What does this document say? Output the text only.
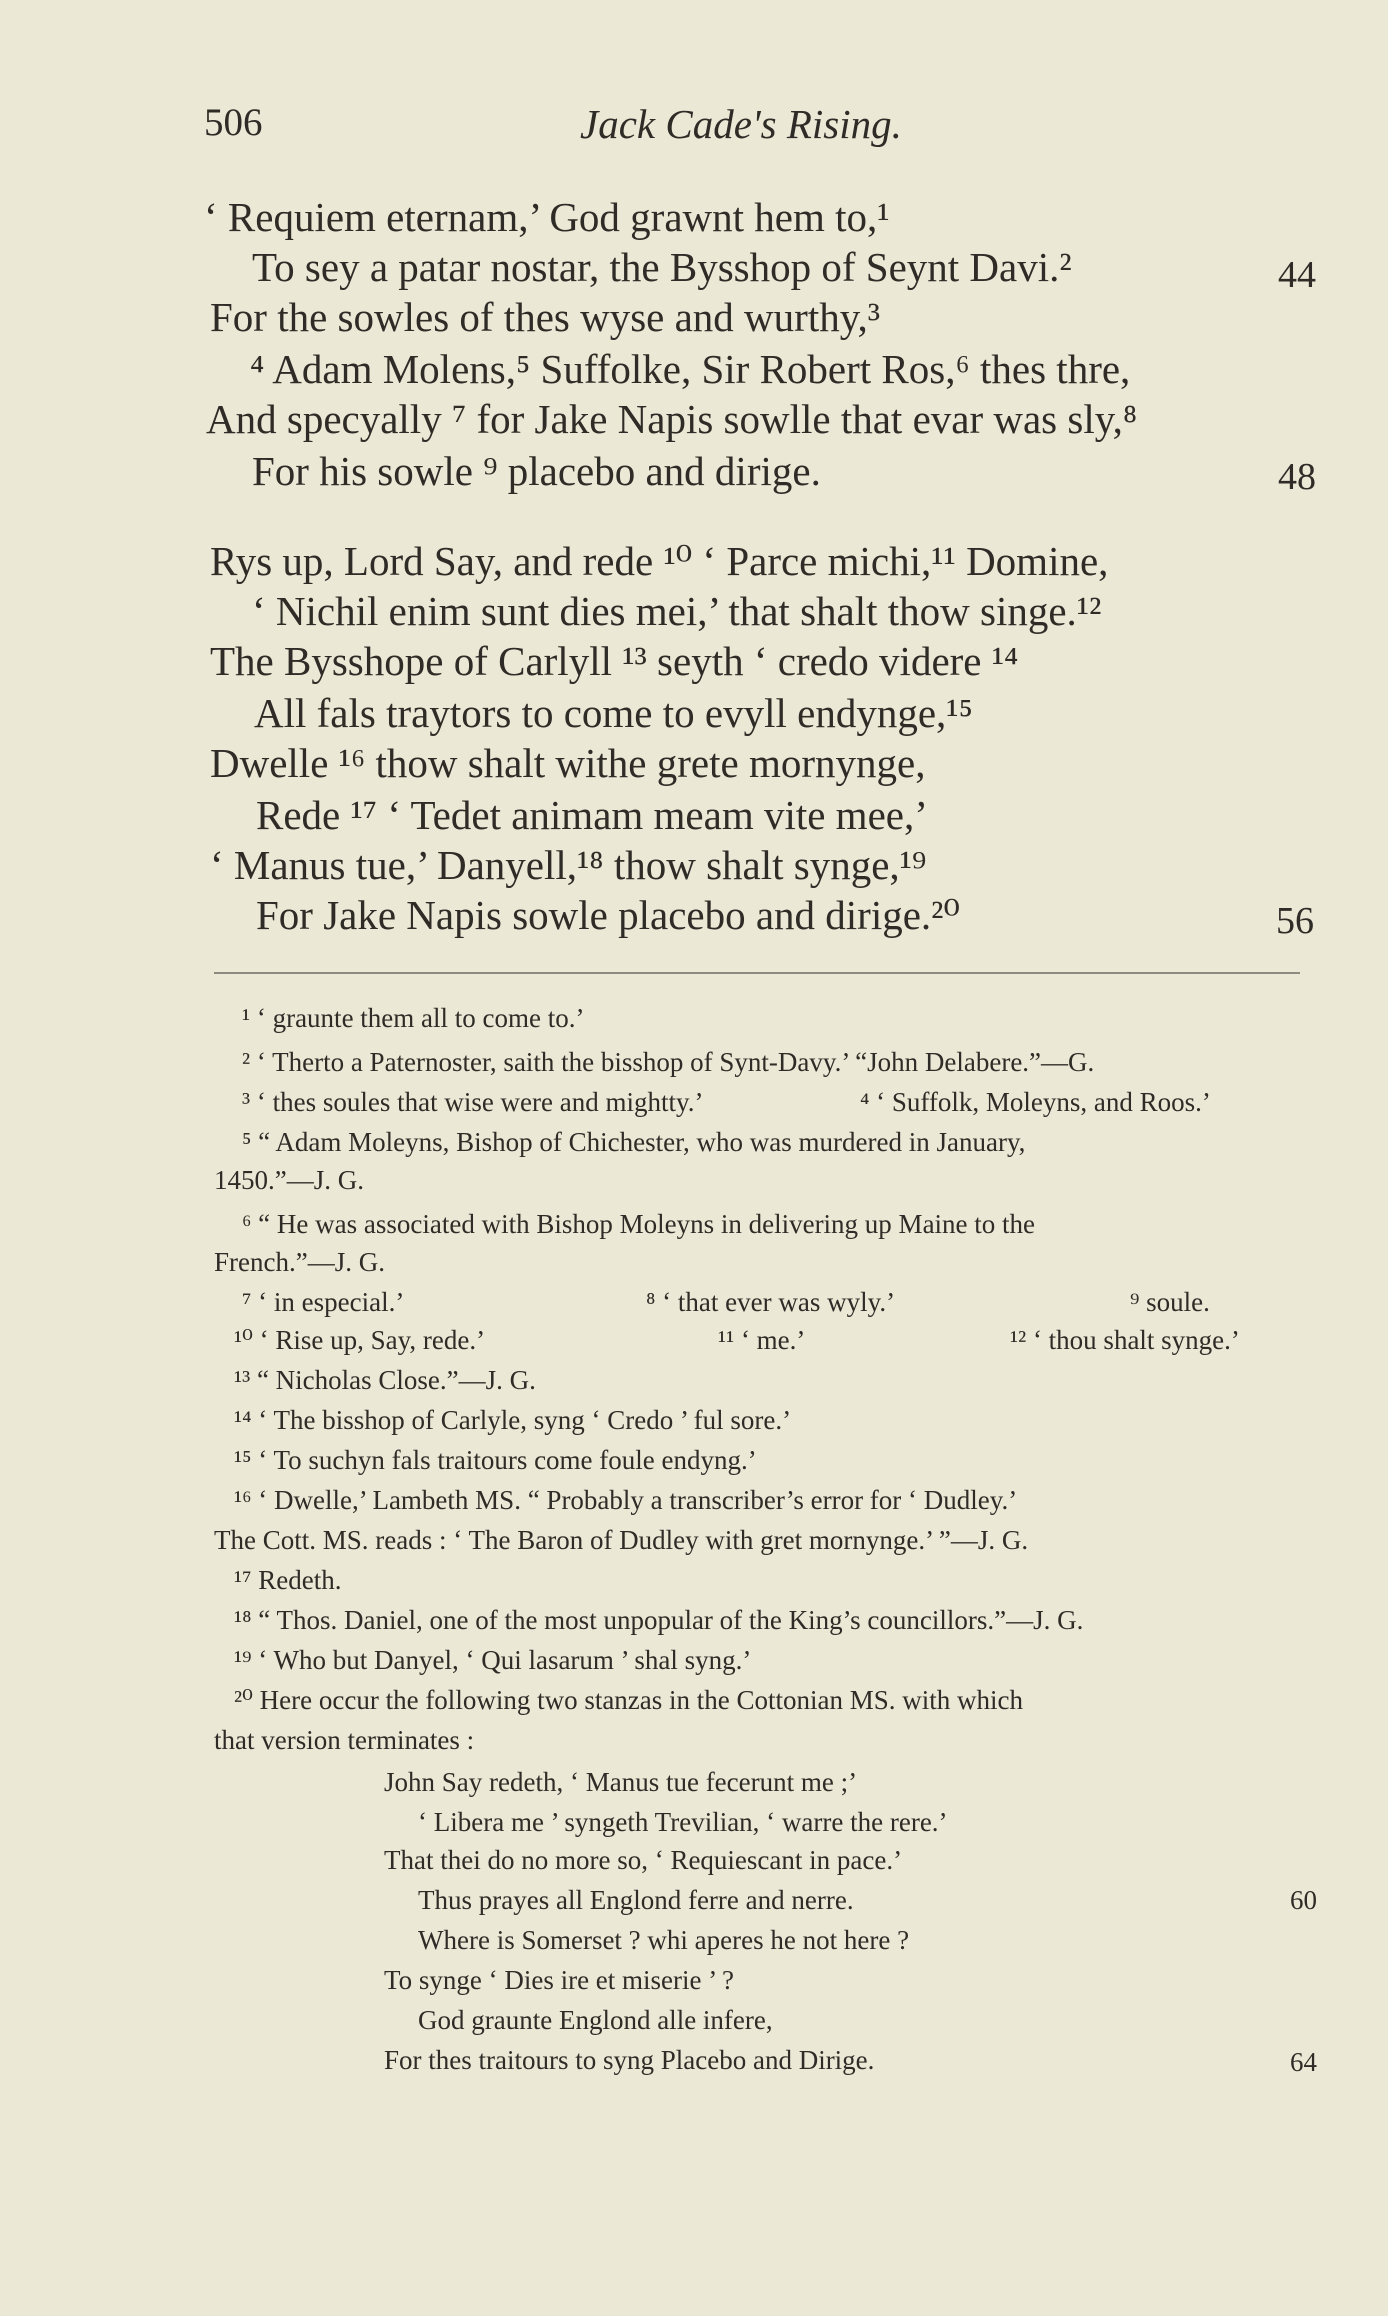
506	Jack Cade's Rising.
‘ Requiem eternam,’ God grawnt hem to,¹
To sey a patar nostar, the Bysshop of Seynt Davi.²	44
For the sowles of thes wyse and wurthy,³
⁴ Adam Molens,⁵ Suffolke, Sir Robert Ros,⁶ thes thre,
And specyally ⁷ for Jake Napis sowlle that evar was sly,⁸
For his sowle ⁹ placebo and dirige.	48
Rys up, Lord Say, and rede ¹⁰ ‘ Parce michi,¹¹ Domine,
‘ Nichil enim sunt dies mei,’ that shalt thow singe.¹²
The Bysshope of Carlyll ¹³ seyth ‘ credo videre ¹⁴
All fals traytors to come to evyll endynge,¹⁵
Dwelle ¹⁶ thow shalt withe grete mornynge,
Rede ¹⁷ ‘ Tedet animam meam vite mee,’
‘ Manus tue,’ Danyell,¹⁸ thow shalt synge,¹⁹
For Jake Napis sowle placebo and dirige.²⁰	56
¹ ‘ graunte them all to come to.’
² ‘ Therto a Paternoster, saith the bisshop of Synt-Davy.’ “John Delabere.”—G.
³ ‘ thes soules that wise were and mightty.’	⁴ ‘ Suffolk, Moleyns, and Roos.’
⁵ “ Adam Moleyns, Bishop of Chichester, who was murdered in January,
1450.”—J. G.
⁶ “ He was associated with Bishop Moleyns in delivering up Maine to the
French.”—J. G.
⁷ ‘ in especial.’	⁸ ‘ that ever was wyly.’	⁹ soule.
¹⁰ ‘ Rise up, Say, rede.’	¹¹ ‘ me.’	¹² ‘ thou shalt synge.’
¹³ “ Nicholas Close.”—J. G.
¹⁴ ‘ The bisshop of Carlyle, syng ‘ Credo ’ ful sore.’
¹⁵ ‘ To suchyn fals traitours come foule endyng.’
¹⁶ ‘ Dwelle,’ Lambeth MS. “ Probably a transcriber’s error for ‘ Dudley.’
The Cott. MS. reads : ‘ The Baron of Dudley with gret mornynge.’ ”—J. G.
¹⁷ Redeth.
¹⁸ “ Thos. Daniel, one of the most unpopular of the King’s councillors.”—J. G.
¹⁹ ‘ Who but Danyel, ‘ Qui lasarum ’ shal syng.’
²⁰ Here occur the following two stanzas in the Cottonian MS. with which
that version terminates :
John Say redeth, ‘ Manus tue fecerunt me ;’
‘ Libera me ’ syngeth Trevilian, ‘ warre the rere.’
That thei do no more so, ‘ Requiescant in pace.’
Thus prayes all Englond ferre and nerre.	60
Where is Somerset ? whi aperes he not here ?
To synge ‘ Dies ire et miserie ’ ?
God graunte Englond alle infere,
For thes traitours to syng Placebo and Dirige.	64
